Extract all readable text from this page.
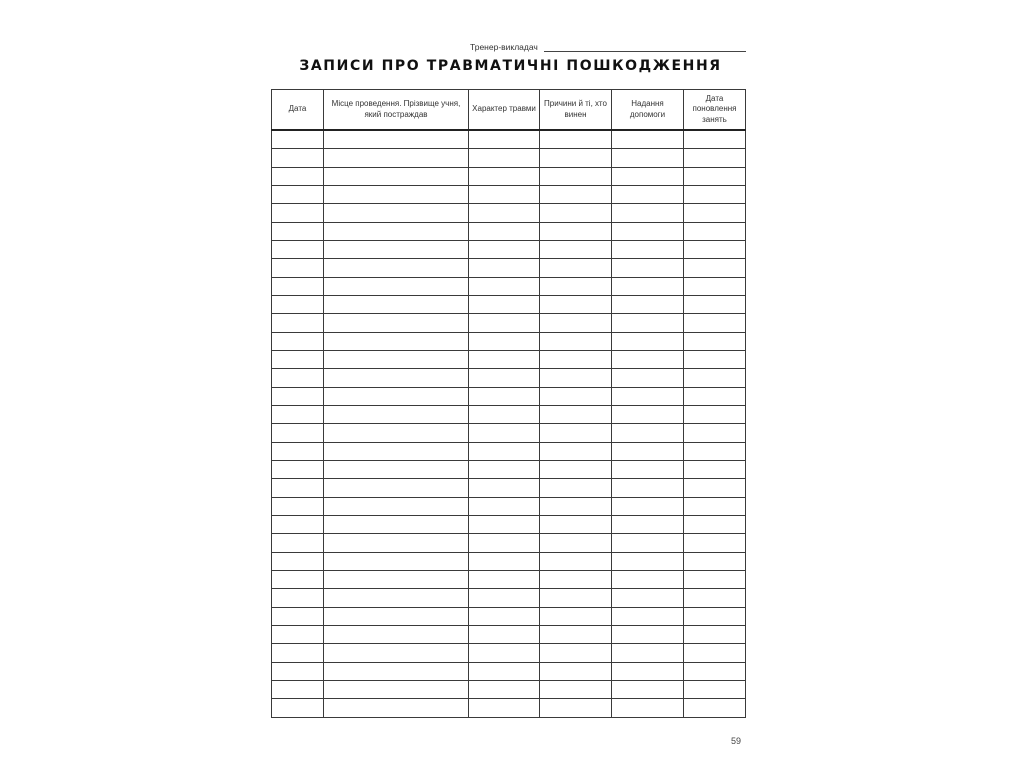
Тренер-викладач
ЗАПИСИ ПРО ТРАВМАТИЧНІ ПОШКОДЖЕННЯ
Дата	Місце проведення. Прізвище учня, який постраждав	Характер травми	Причини й ті, хто винен	Надання допомоги	Дата поновлення занять

59
